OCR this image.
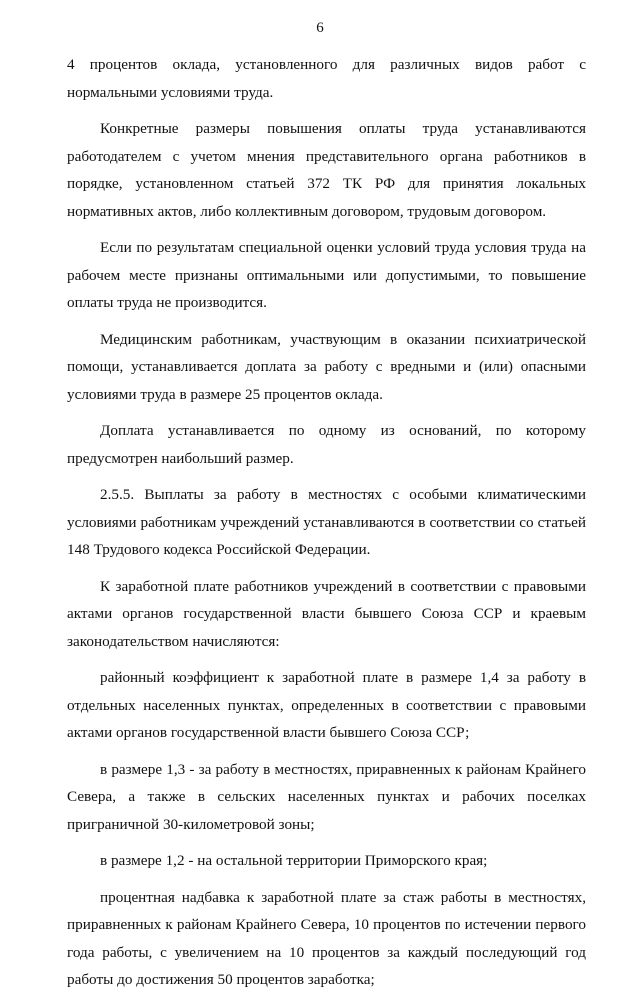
6

4 процентов оклада, установленного для различных видов работ с нормальными условиями труда.

Конкретные размеры повышения оплаты труда устанавливаются работодателем с учетом мнения представительного органа работников в порядке, установленном статьей 372 ТК РФ для принятия локальных нормативных актов, либо коллективным договором, трудовым договором.

Если по результатам специальной оценки условий труда условия труда на рабочем месте признаны оптимальными или допустимыми, то повышение оплаты труда не производится.

Медицинским работникам, участвующим в оказании психиатрической помощи, устанавливается доплата за работу с вредными и (или) опасными условиями труда в размере 25 процентов оклада.

Доплата устанавливается по одному из оснований, по которому предусмотрен наибольший размер.

2.5.5. Выплаты за работу в местностях с особыми климатическими условиями работникам учреждений устанавливаются в соответствии со статьей 148 Трудового кодекса Российской Федерации.

К заработной плате работников учреждений в соответствии с правовыми актами органов государственной власти бывшего Союза ССР и краевым законодательством начисляются:

районный коэффициент к заработной плате в размере 1,4 за работу в отдельных населенных пунктах, определенных в соответствии с правовыми актами органов государственной власти бывшего Союза ССР;

в размере 1,3 - за работу в местностях, приравненных к районам Крайнего Севера, а также в сельских населенных пунктах и рабочих поселках приграничной 30-километровой зоны;

в размере 1,2 - на остальной территории Приморского края;

процентная надбавка к заработной плате за стаж работы в местностях, приравненных к районам Крайнего Севера, 10 процентов по истечении первого года работы, с увеличением на 10 процентов за каждый последующий год работы до достижения 50 процентов заработка;
